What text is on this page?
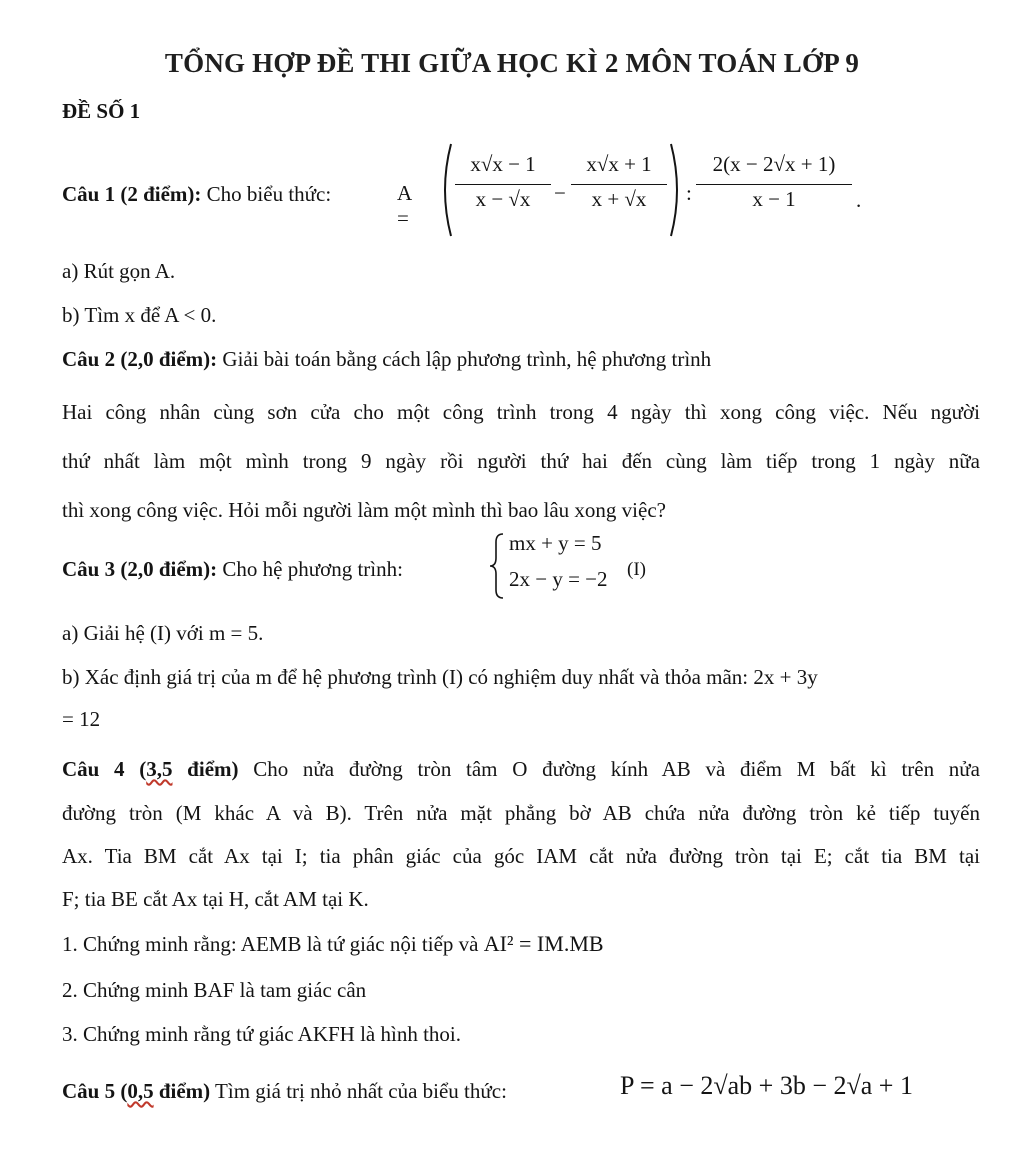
TỔNG HỢP ĐỀ THI GIỮA HỌC KÌ 2 MÔN TOÁN LỚP 9
ĐỀ SỐ 1
Câu 1 (2 điểm): Cho biểu thức:	A =
x√x − 1
x − √x	−
x√x + 1
x + √x	:
2(x − 2√x + 1)
x − 1	.
a) Rút gọn A.
b) Tìm x để A < 0.
Câu 2 (2,0 điểm): Giải bài toán bằng cách lập phương trình, hệ phương trình
Hai công nhân cùng sơn cửa cho một công trình trong 4 ngày thì xong công việc. Nếu người
thứ nhất làm một mình trong 9 ngày rồi người thứ hai đến cùng làm tiếp trong 1 ngày nữa
thì xong công việc. Hỏi mỗi người làm một mình thì bao lâu xong việc?
Câu 3 (2,0 điểm): Cho hệ phương trình:
mx + y = 5
2x − y = −2 (I)
a) Giải hệ (I) với m = 5.
b) Xác định giá trị của m để hệ phương trình (I) có nghiệm duy nhất và thỏa mãn: 2x + 3y
= 12
Câu 4 (3,5 điểm) Cho nửa đường tròn tâm O đường kính AB và điểm M bất kì trên nửa
đường tròn (M khác A và B). Trên nửa mặt phẳng bờ AB chứa nửa đường tròn kẻ tiếp tuyến
Ax. Tia BM cắt Ax tại I; tia phân giác của góc IAM cắt nửa đường tròn tại E; cắt tia BM tại
F; tia BE cắt Ax tại H, cắt AM tại K.
1. Chứng minh rằng: AEMB là tứ giác nội tiếp và AI² = IM.MB
2. Chứng minh BAF là tam giác cân
3. Chứng minh rằng tứ giác AKFH là hình thoi.
Câu 5 (0,5 điểm) Tìm giá trị nhỏ nhất của biểu thức:	P = a − 2√ab + 3b − 2√a + 1
